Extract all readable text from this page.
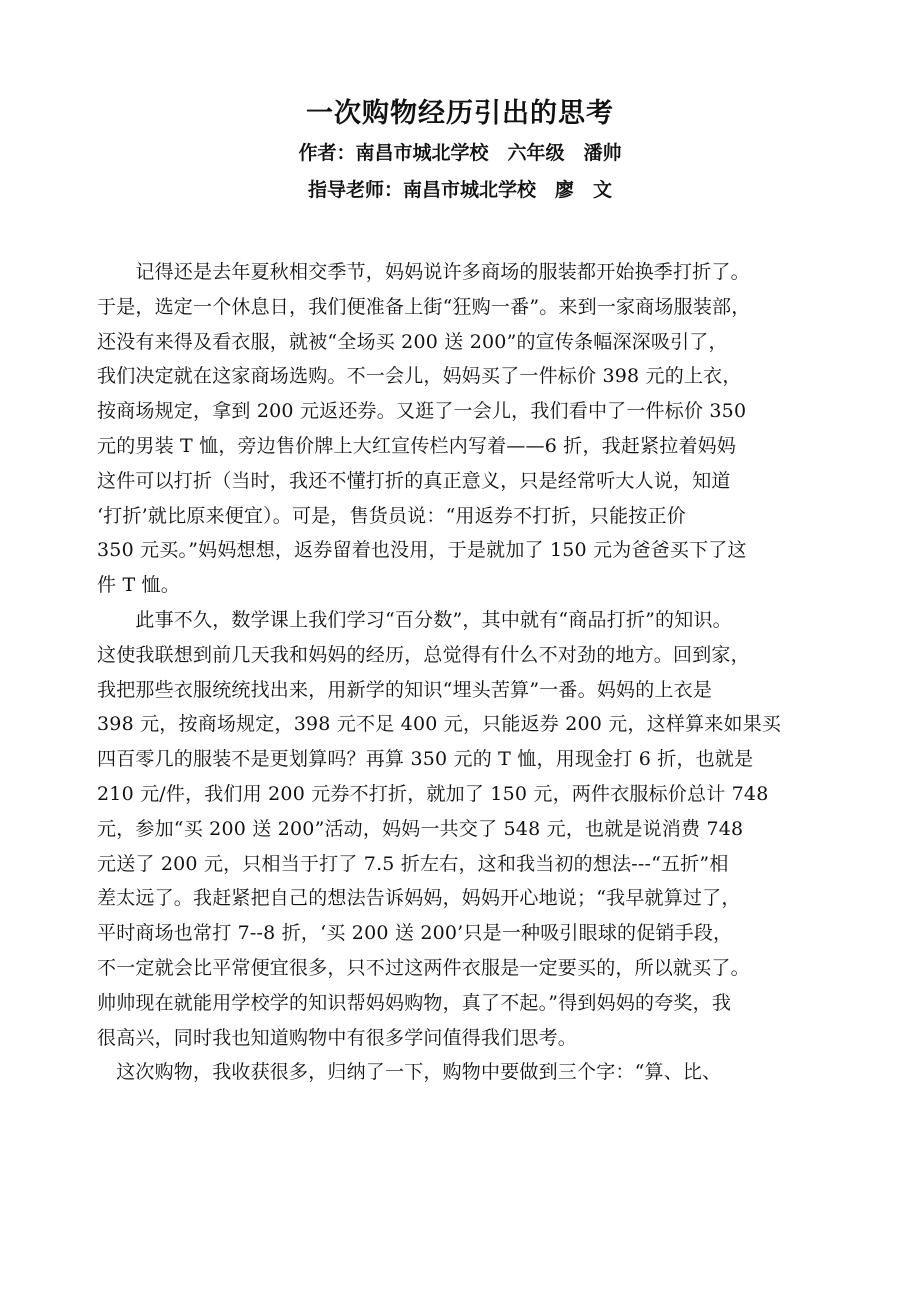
一次购物经历引出的思考
作者：南昌市城北学校　六年级　潘帅
指导老师：南昌市城北学校　廖　文
　　记得还是去年夏秋相交季节，妈妈说许多商场的服装都开始换季打折了。
于是，选定一个休息日，我们便准备上街“狂购一番”。来到一家商场服装部，
还没有来得及看衣服，就被“全场买 200 送 200”的宣传条幅深深吸引了，
我们决定就在这家商场选购。不一会儿，妈妈买了一件标价 398 元的上衣，
按商场规定，拿到 200 元返还券。又逛了一会儿，我们看中了一件标价 350
元的男装 T 恤，旁边售价牌上大红宣传栏内写着——6 折，我赶紧拉着妈妈
这件可以打折（当时，我还不懂打折的真正意义，只是经常听大人说，知道
‘打折’就比原来便宜）。可是，售货员说：“用返券不打折，只能按正价
350 元买。”妈妈想想，返券留着也没用，于是就加了 150 元为爸爸买下了这
件 T 恤。
　　此事不久，数学课上我们学习“百分数”，其中就有“商品打折”的知识。
这使我联想到前几天我和妈妈的经历，总觉得有什么不对劲的地方。回到家，
我把那些衣服统统找出来，用新学的知识“埋头苦算”一番。妈妈的上衣是
398 元，按商场规定，398 元不足 400 元，只能返券 200 元，这样算来如果买
四百零几的服装不是更划算吗？再算 350 元的 T 恤，用现金打 6 折，也就是
210 元/件，我们用 200 元券不打折，就加了 150 元，两件衣服标价总计 748
元，参加“买 200 送 200”活动，妈妈一共交了 548 元，也就是说消费 748
元送了 200 元，只相当于打了 7.5 折左右，这和我当初的想法---“五折”相
差太远了。我赶紧把自己的想法告诉妈妈，妈妈开心地说；“我早就算过了，
平时商场也常打 7--8 折，‘买 200 送 200’只是一种吸引眼球的促销手段，
不一定就会比平常便宜很多，只不过这两件衣服是一定要买的，所以就买了。
帅帅现在就能用学校学的知识帮妈妈购物，真了不起。”得到妈妈的夸奖，我
很高兴，同时我也知道购物中有很多学问值得我们思考。
　这次购物，我收获很多，归纳了一下，购物中要做到三个字：“算、比、
